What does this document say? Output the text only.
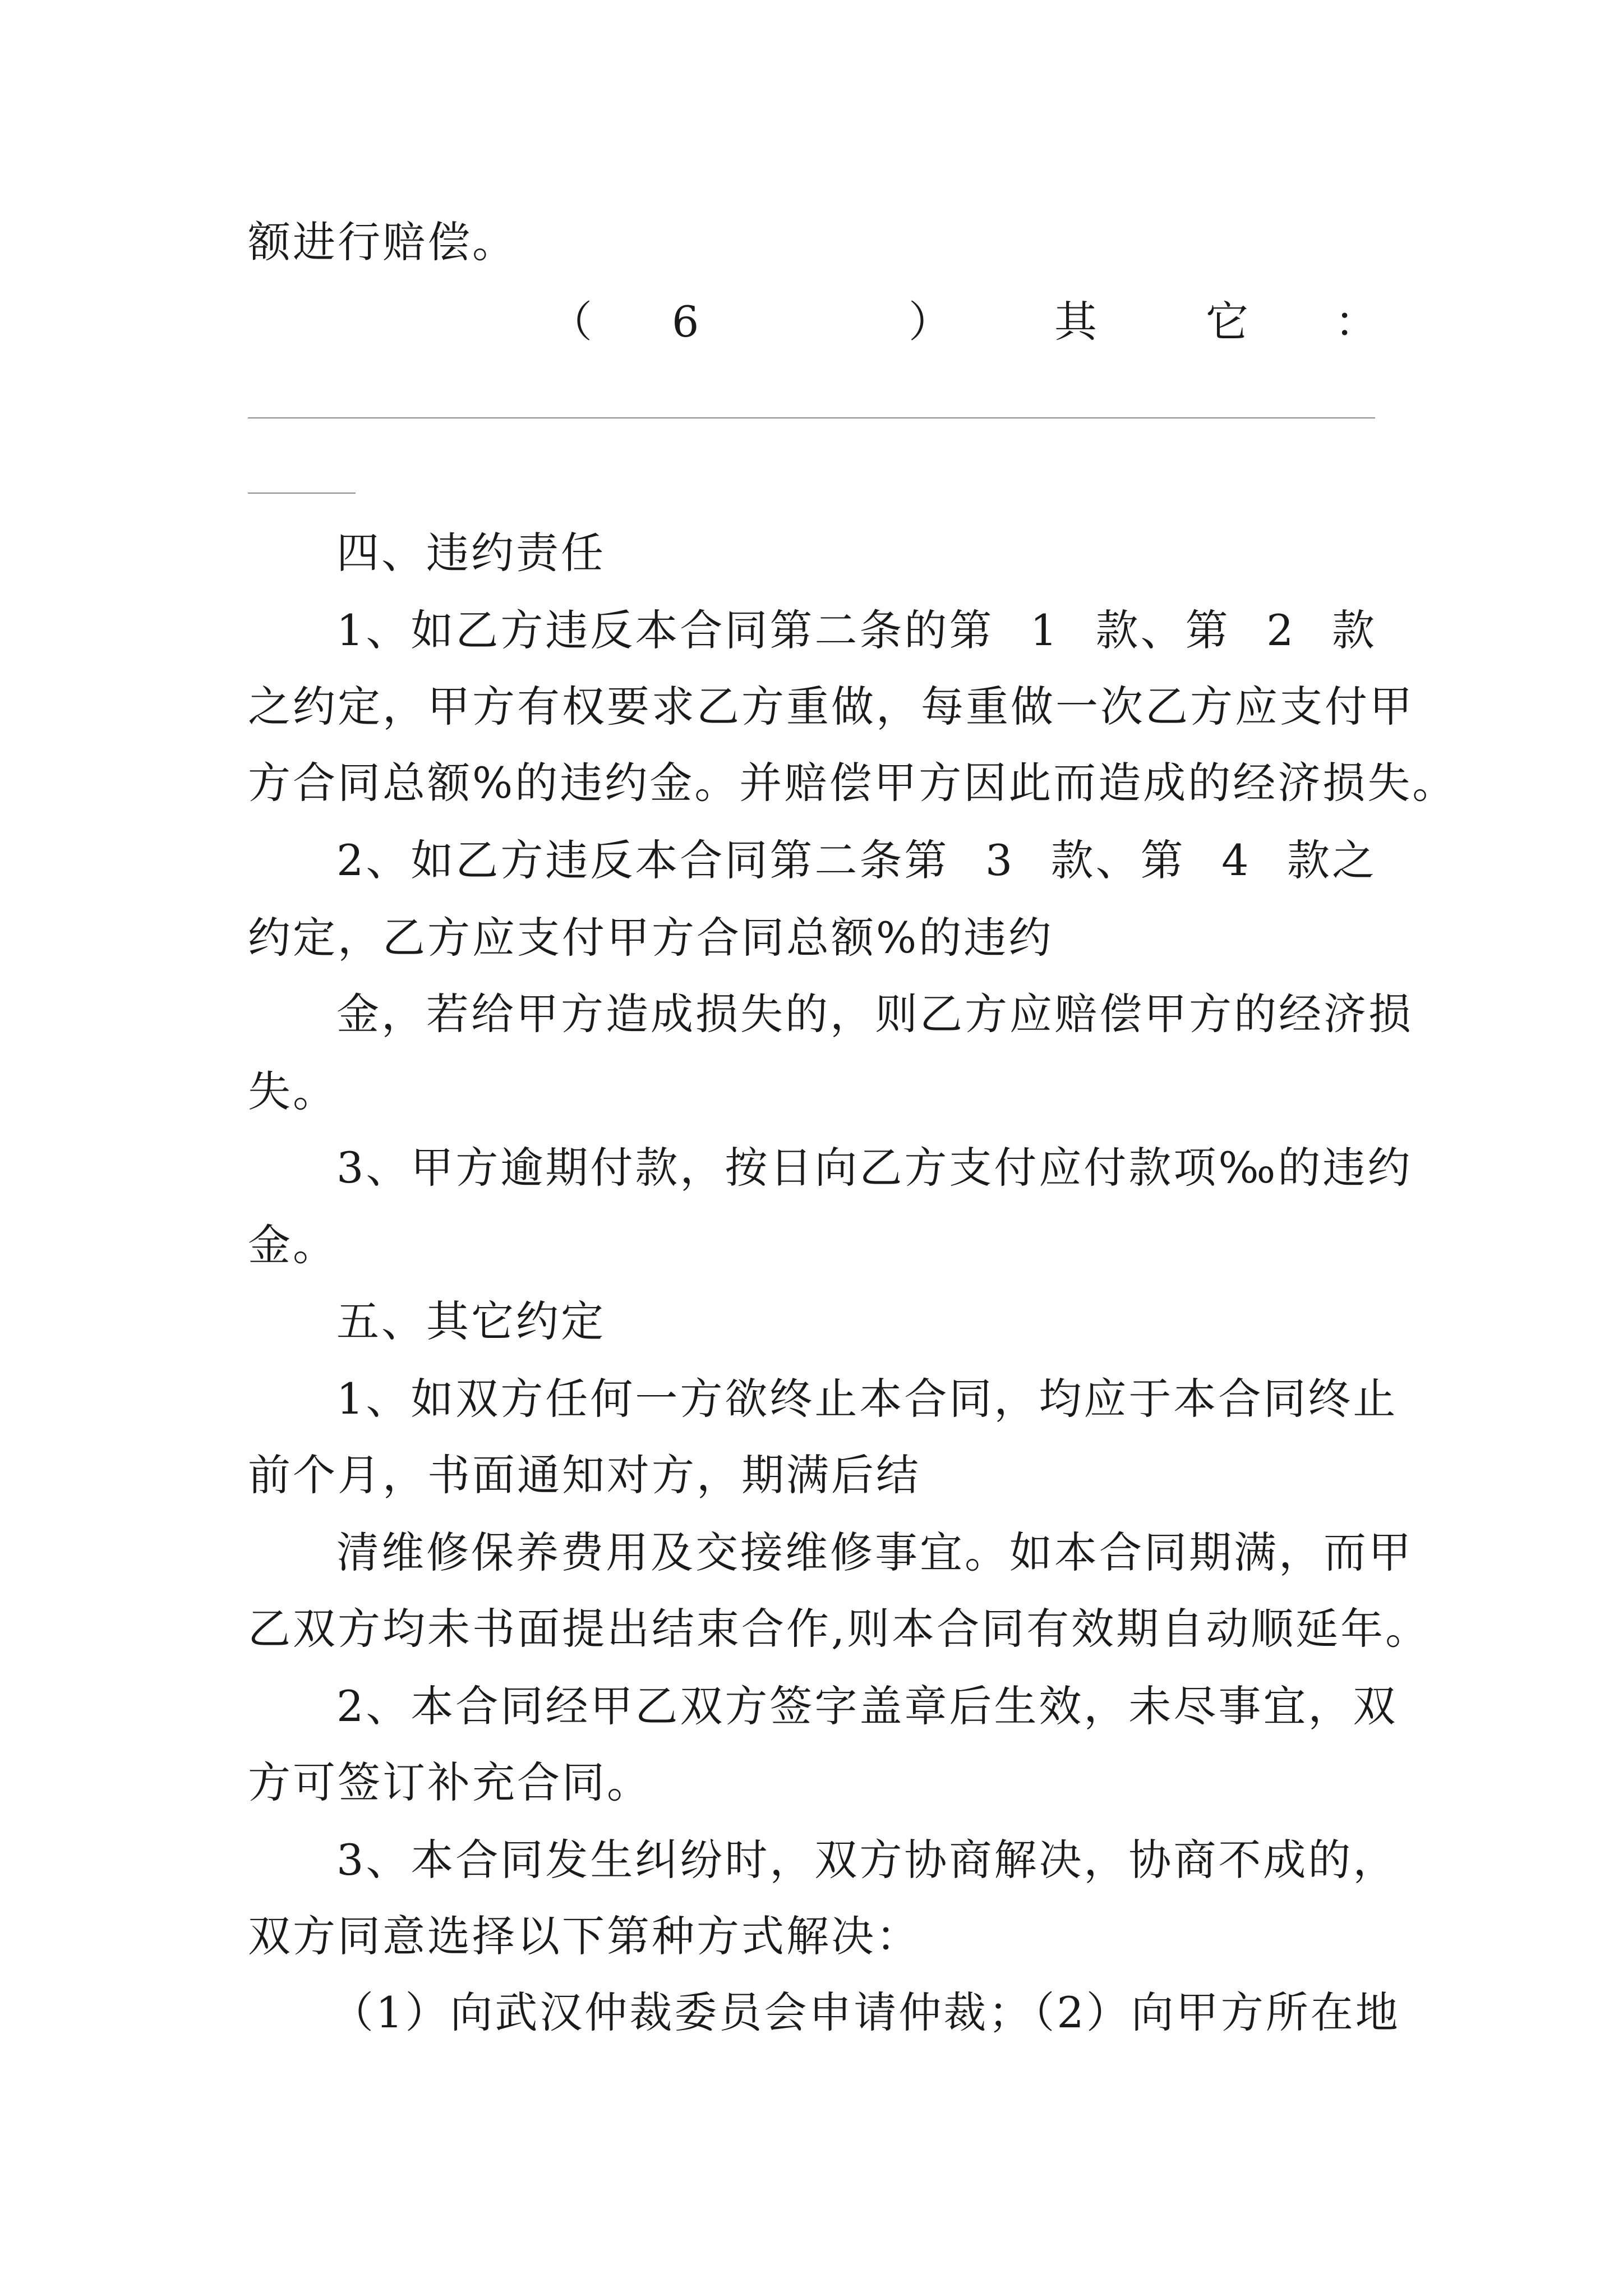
额进行赔偿。
（ 6	） 其	它 ：
四、违约责任
1、如乙方违反本合同第二条的第 1 款、第 2 款
之约定，甲方有权要求乙方重做，每重做一次乙方应支付甲
方合同总额%的违约金。并赔偿甲方因此而造成的经济损失。
2、如乙方违反本合同第二条第 3 款、第 4 款之
约定，乙方应支付甲方合同总额%的违约
金，若给甲方造成损失的，则乙方应赔偿甲方的经济损
失。
3、甲方逾期付款，按日向乙方支付应付款项‰的违约
金。
五、其它约定
1、如双方任何一方欲终止本合同，均应于本合同终止
前个月，书面通知对方，期满后结
清维修保养费用及交接维修事宜。如本合同期满，而甲
乙双方均未书面提出结束合作,则本合同有效期自动顺延年。
2、本合同经甲乙双方签字盖章后生效，未尽事宜，双
方可签订补充合同。
3、本合同发生纠纷时，双方协商解决，协商不成的，
双方同意选择以下第种方式解决：
（1）向武汉仲裁委员会申请仲裁；（2）向甲方所在地
